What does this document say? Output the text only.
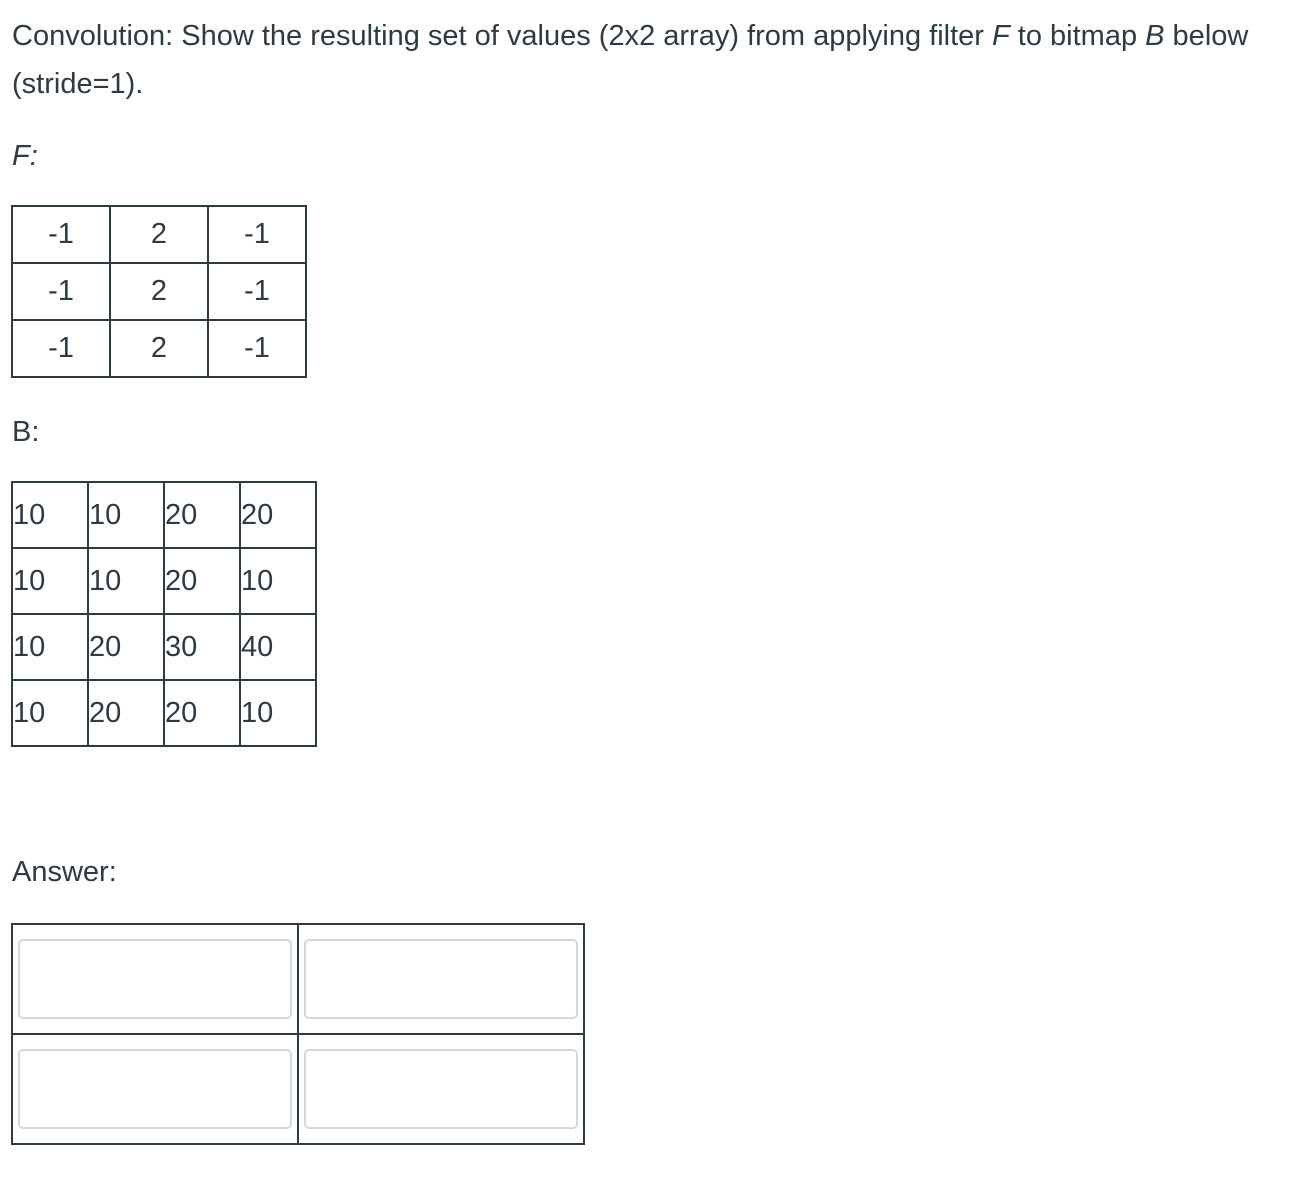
Convolution: Show the resulting set of values (2x2 array) from applying filter F to bitmap B below (stride=1).

F:

-1	2	-1
-1	2	-1
-1	2	-1

B:

10	10	20	20
10	10	20	10
10	20	30	40
10	20	20	10

Answer:
